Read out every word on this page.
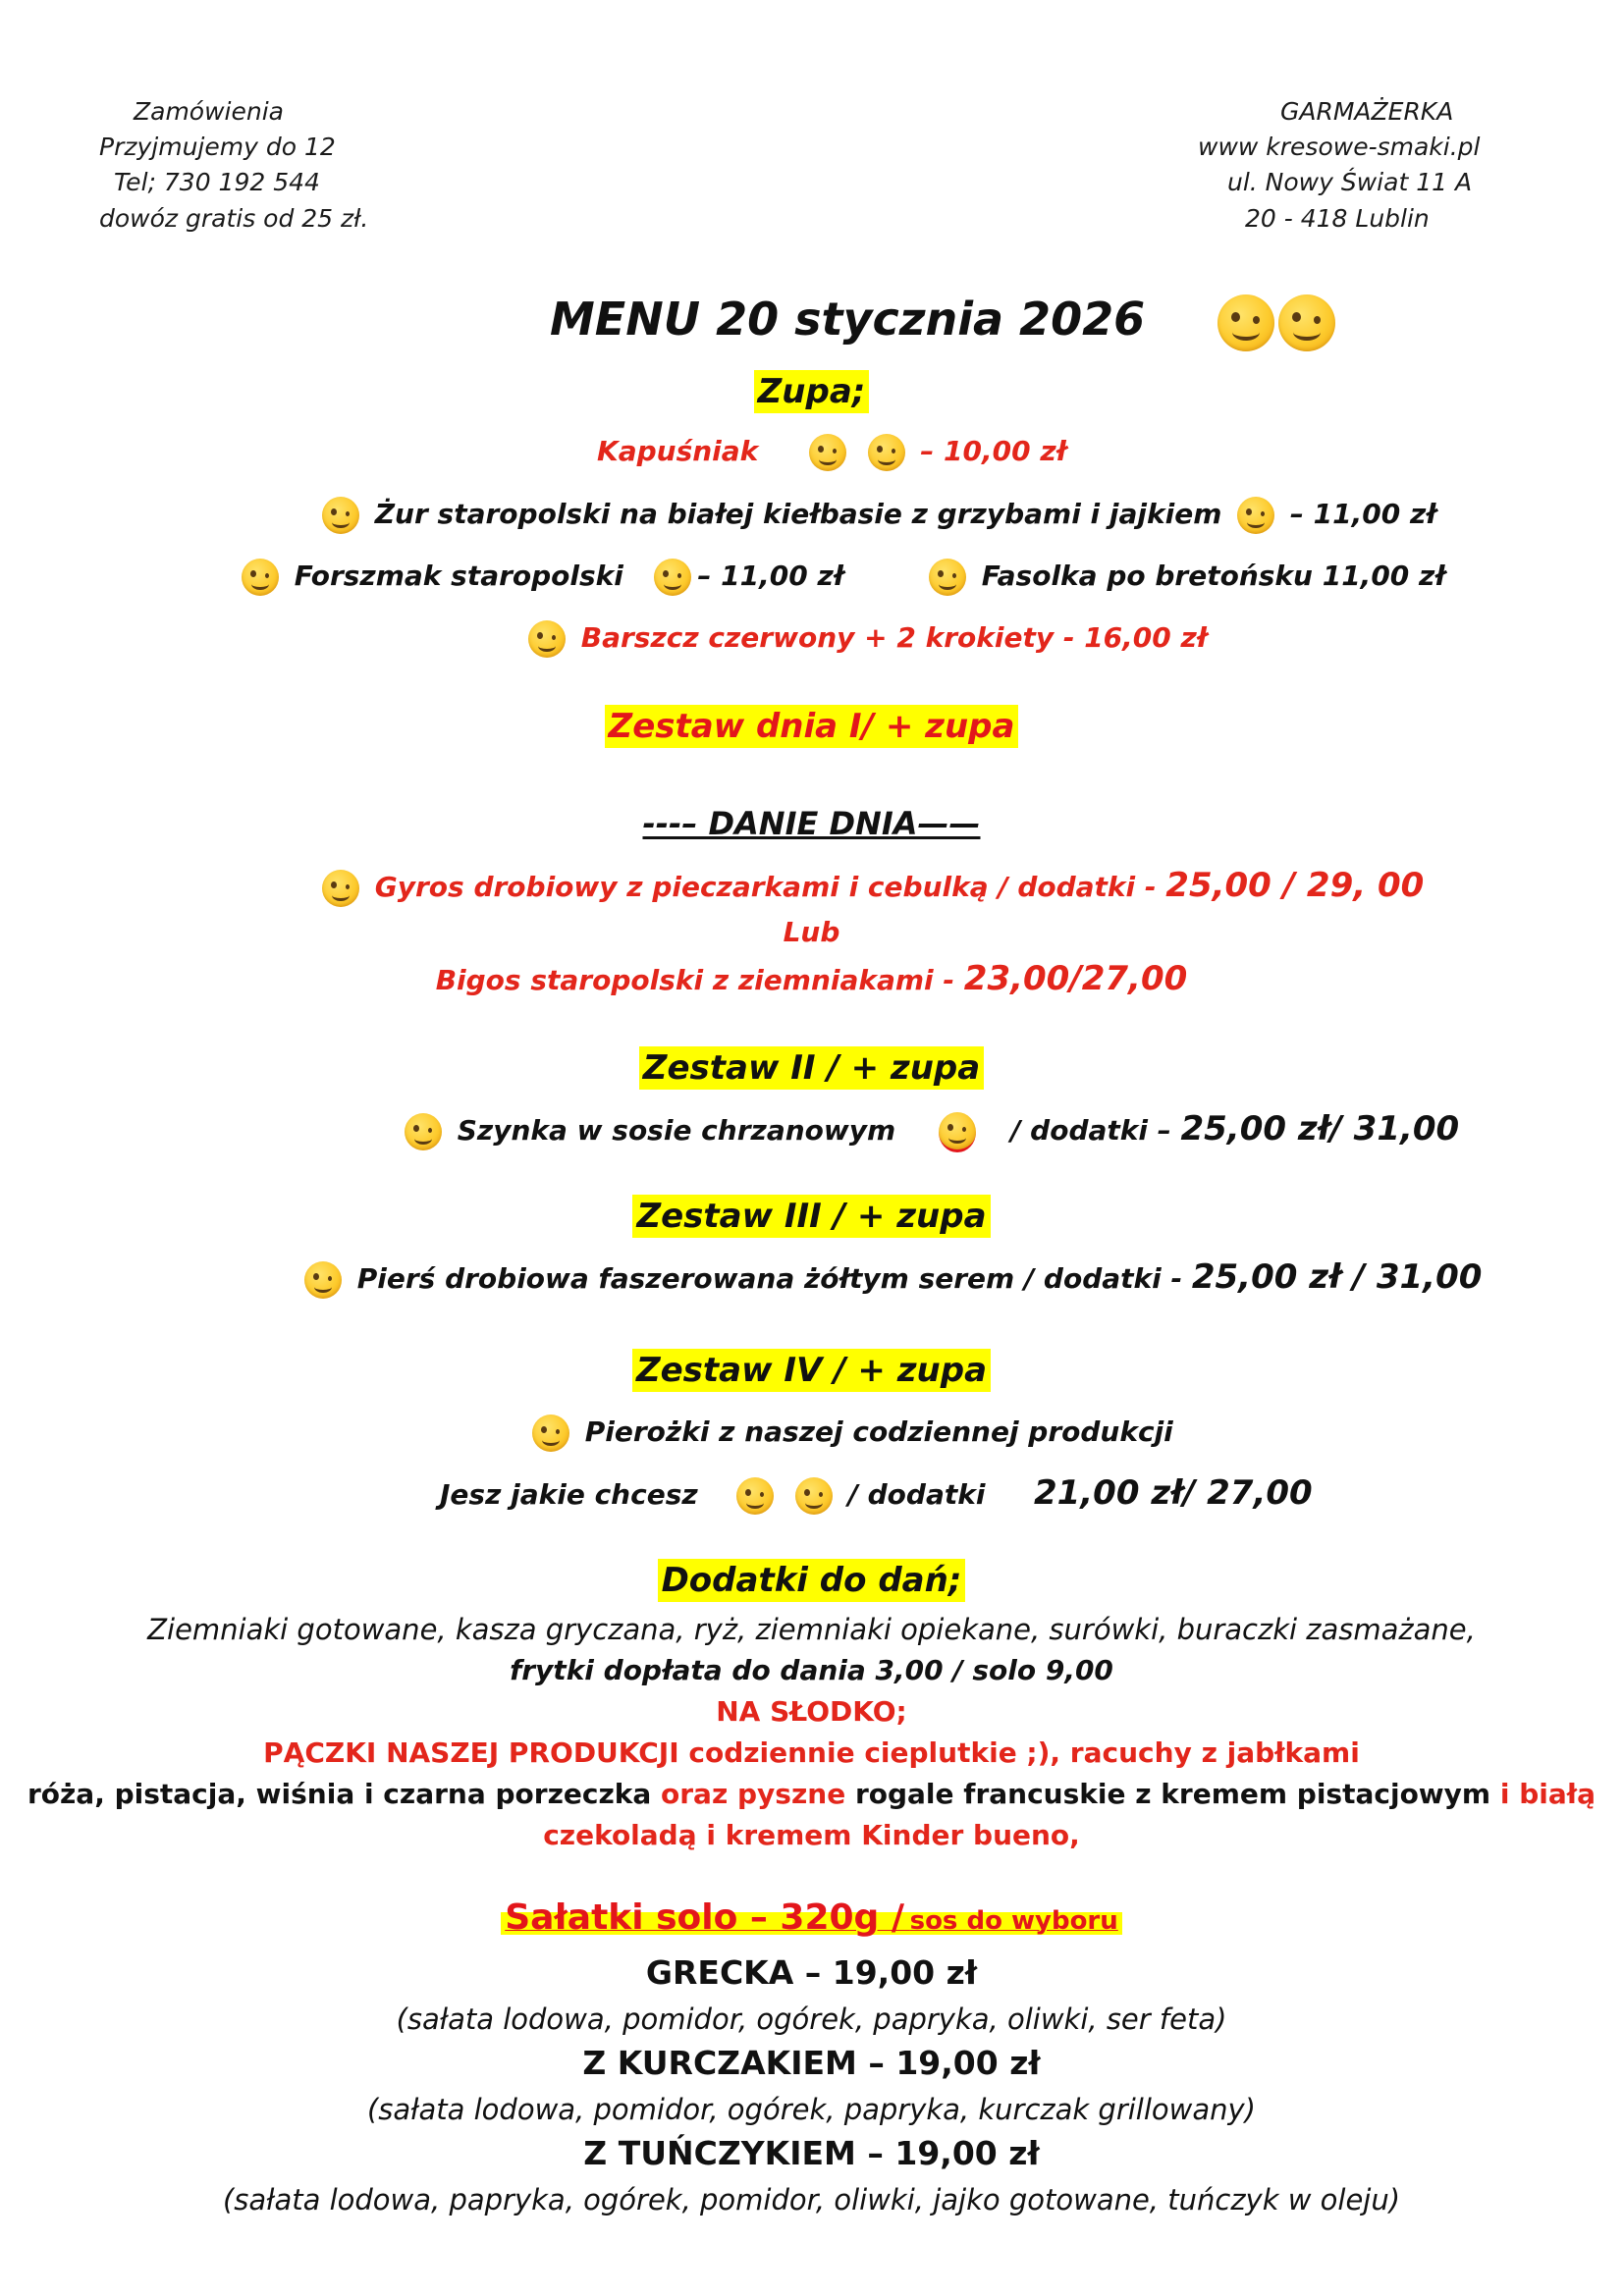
Zamówienia
Przyjmujemy do 12
Tel; 730 192 544
dowóz gratis od 25 zł.
GARMAŻERKA
www kresowe-smaki.pl
ul. Nowy Świat 11 A
20 - 418 Lublin
MENU 20 stycznia 2026
Zupa;
Kapuśniak	– 10,00 zł
Żur staropolski na białej kiełbasie z grzybami i jajkiem – 11,00 zł
Forszmak staropolski	– 11,00 zł	Fasolka po bretońsku 11,00 zł
Barszcz czerwony + 2 krokiety - 16,00 zł
Zestaw dnia I/ + zupa
---– DANIE DNIA——
Gyros drobiowy z pieczarkami i cebulką / dodatki - 25,00 / 29, 00
Lub
Bigos staropolski z ziemniakami - 23,00/27,00
Zestaw II / + zupa
Szynka w sosie chrzanowym	/ dodatki – 25,00 zł/ 31,00
Zestaw III / + zupa
Pierś drobiowa faszerowana żółtym serem / dodatki - 25,00 zł / 31,00
Zestaw IV / + zupa
Pierożki z naszej codziennej produkcji
Jesz jakie chcesz	/ dodatki 21,00 zł/ 27,00
Dodatki do dań;
Ziemniaki gotowane, kasza gryczana, ryż, ziemniaki opiekane, surówki, buraczki zasmażane,
frytki dopłata do dania 3,00 / solo 9,00
NA SŁODKO;
PĄCZKI NASZEJ PRODUKCJI codziennie cieplutkie ;), racuchy z jabłkami
róża, pistacja, wiśnia i czarna porzeczka oraz pyszne rogale francuskie z kremem pistacjowym i białą
czekoladą i kremem Kinder bueno,
Sałatki solo – 320g / sos do wyboru
GRECKA – 19,00 zł
(sałata lodowa, pomidor, ogórek, papryka, oliwki, ser feta)
Z KURCZAKIEM – 19,00 zł
(sałata lodowa, pomidor, ogórek, papryka, kurczak grillowany)
Z TUŃCZYKIEM – 19,00 zł
(sałata lodowa, papryka, ogórek, pomidor, oliwki, jajko gotowane, tuńczyk w oleju)
